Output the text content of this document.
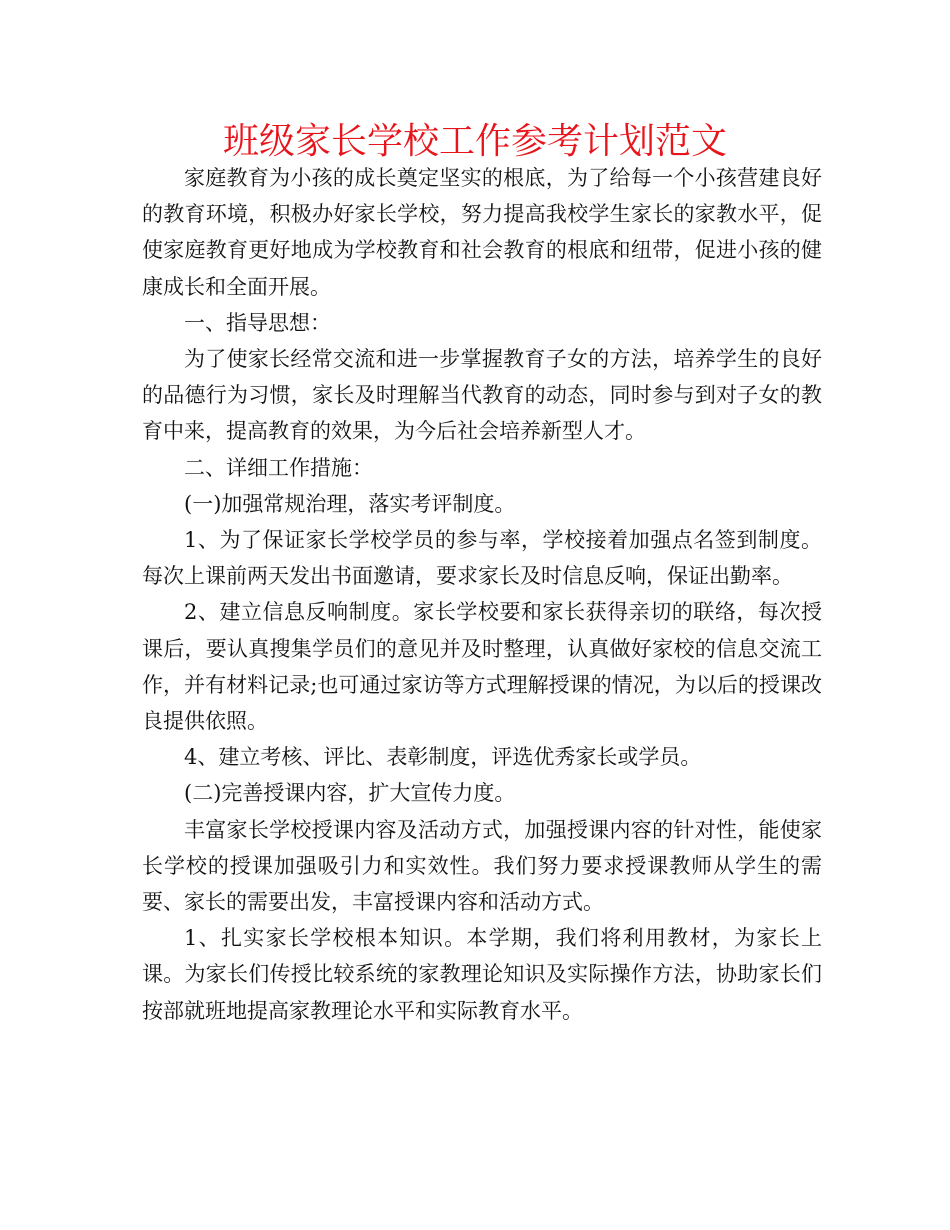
班级家长学校工作参考计划范文

家庭教育为小孩的成长奠定坚实的根底，为了给每一个小孩营建良好的教育环境，积极办好家长学校，努力提高我校学生家长的家教水平，促使家庭教育更好地成为学校教育和社会教育的根底和纽带，促进小孩的健康成长和全面开展。

一、指导思想：

为了使家长经常交流和进一步掌握教育子女的方法，培养学生的良好的品德行为习惯，家长及时理解当代教育的动态，同时参与到对子女的教育中来，提高教育的效果，为今后社会培养新型人才。

二、详细工作措施：

(一)加强常规治理，落实考评制度。

1、为了保证家长学校学员的参与率，学校接着加强点名签到制度。每次上课前两天发出书面邀请，要求家长及时信息反响，保证出勤率。

2、建立信息反响制度。家长学校要和家长获得亲切的联络，每次授课后，要认真搜集学员们的意见并及时整理，认真做好家校的信息交流工作，并有材料记录;也可通过家访等方式理解授课的情况，为以后的授课改良提供依照。

4、建立考核、评比、表彰制度，评选优秀家长或学员。

(二)完善授课内容，扩大宣传力度。

丰富家长学校授课内容及活动方式，加强授课内容的针对性，能使家长学校的授课加强吸引力和实效性。我们努力要求授课教师从学生的需要、家长的需要出发，丰富授课内容和活动方式。

1、扎实家长学校根本知识。本学期，我们将利用教材，为家长上课。为家长们传授比较系统的家教理论知识及实际操作方法，协助家长们按部就班地提高家教理论水平和实际教育水平。
